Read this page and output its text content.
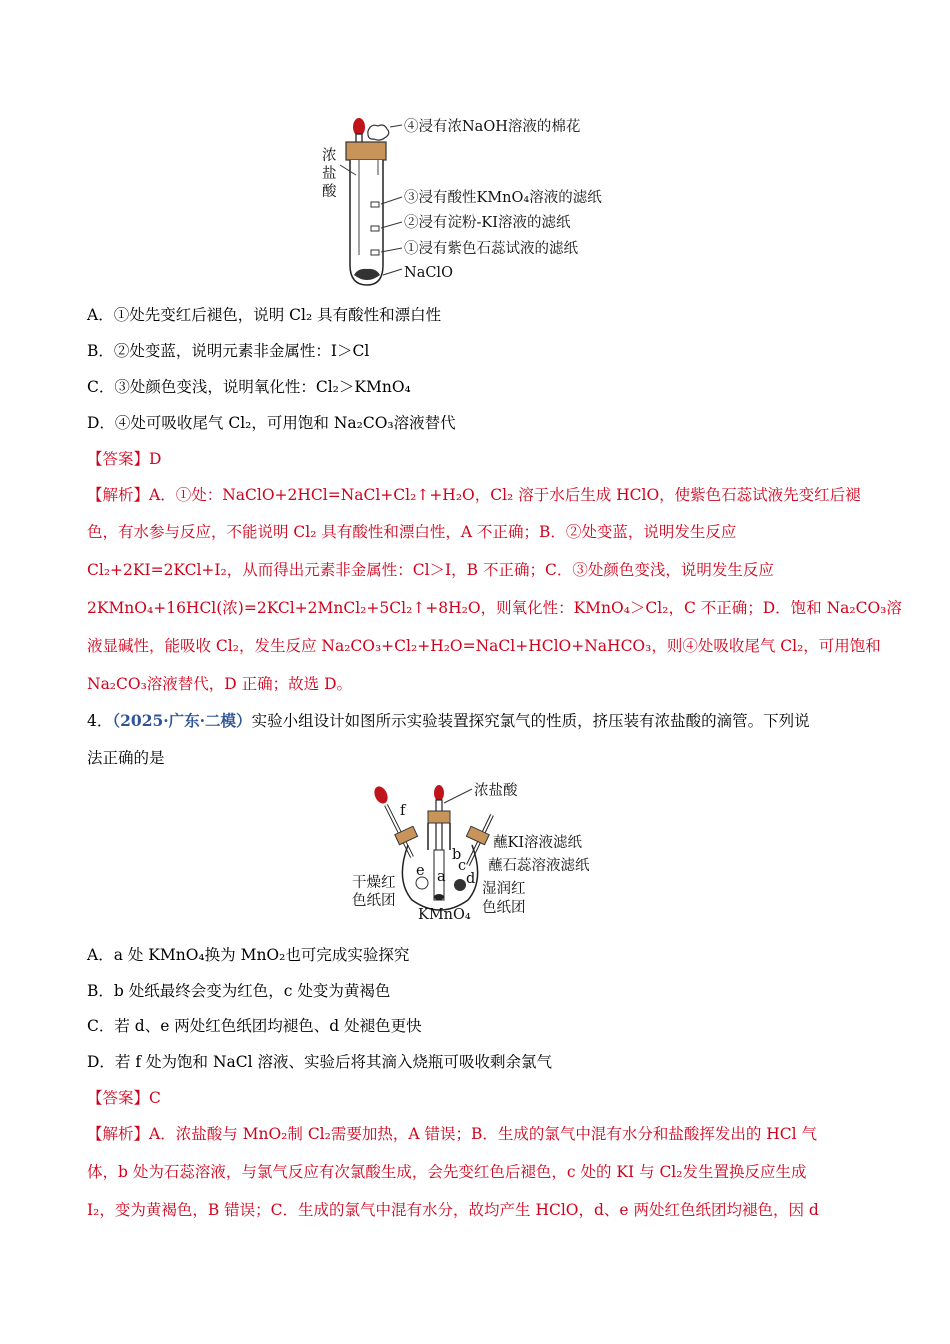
浓
盐
酸
④浸有浓NaOH溶液的棉花
③浸有酸性KMnO₄溶液的滤纸
②浸有淀粉-KI溶液的滤纸
①浸有紫色石蕊试液的滤纸
NaClO
A．①处先变红后褪色，说明 Cl₂ 具有酸性和漂白性
B．②处变蓝，说明元素非金属性：I＞Cl
C．③处颜色变浅，说明氧化性：Cl₂＞KMnO₄
D．④处可吸收尾气 Cl₂，可用饱和 Na₂CO₃溶液替代
【答案】D
【解析】A．①处：NaClO+2HCl=NaCl+Cl₂↑+H₂O，Cl₂ 溶于水后生成 HClO，使紫色石蕊试液先变红后褪
色，有水参与反应，不能说明 Cl₂ 具有酸性和漂白性，A 不正确；B．②处变蓝，说明发生反应
Cl₂+2KI=2KCl+I₂，从而得出元素非金属性：Cl＞I，B 不正确；C．③处颜色变浅，说明发生反应
2KMnO₄+16HCl(浓)=2KCl+2MnCl₂+5Cl₂↑+8H₂O，则氧化性：KMnO₄＞Cl₂，C 不正确；D．饱和 Na₂CO₃溶
液显碱性，能吸收 Cl₂，发生反应 Na₂CO₃+Cl₂+H₂O=NaCl+HClO+NaHCO₃，则④处吸收尾气 Cl₂，可用饱和
Na₂CO₃溶液替代，D 正确；故选 D。
4．（2025·广东·二模）实验小组设计如图所示实验装置探究氯气的性质，挤压装有浓盐酸的滴管。下列说
法正确的是
浓盐酸
f
蘸KI溶液滤纸
蘸石蕊溶液滤纸
b
c
d
e a
干燥红
色纸团
湿润红
色纸团
KMnO₄
A．a 处 KMnO₄换为 MnO₂也可完成实验探究
B．b 处纸最终会变为红色，c 处变为黄褐色
C．若 d、e 两处红色纸团均褪色、d 处褪色更快
D．若 f 处为饱和 NaCl 溶液、实验后将其滴入烧瓶可吸收剩余氯气
【答案】C
【解析】A．浓盐酸与 MnO₂制 Cl₂需要加热，A 错误；B．生成的氯气中混有水分和盐酸挥发出的 HCl 气
体，b 处为石蕊溶液，与氯气反应有次氯酸生成，会先变红色后褪色，c 处的 KI 与 Cl₂发生置换反应生成
I₂，变为黄褐色，B 错误；C．生成的氯气中混有水分，故均产生 HClO，d、e 两处红色纸团均褪色，因 d
